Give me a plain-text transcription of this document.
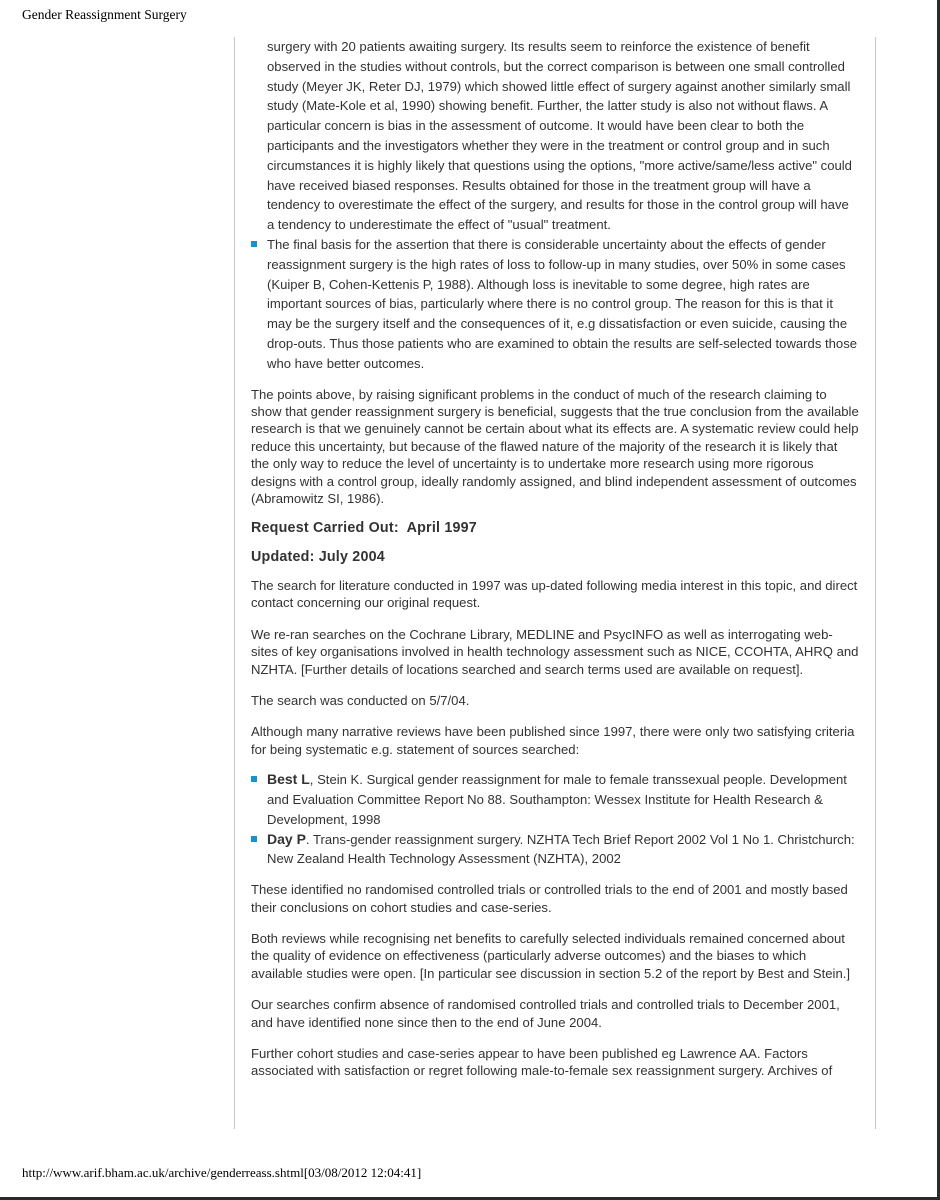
Gender Reassignment Surgery
surgery with 20 patients awaiting surgery. Its results seem to reinforce the existence of benefit observed in the studies without controls, but the correct comparison is between one small controlled study (Meyer JK, Reter DJ, 1979) which showed little effect of surgery against another similarly small study (Mate-Kole et al, 1990) showing benefit. Further, the latter study is also not without flaws. A particular concern is bias in the assessment of outcome. It would have been clear to both the participants and the investigators whether they were in the treatment or control group and in such circumstances it is highly likely that questions using the options, "more active/same/less active" could have received biased responses. Results obtained for those in the treatment group will have a tendency to overestimate the effect of the surgery, and results for those in the control group will have a tendency to underestimate the effect of "usual" treatment.
The final basis for the assertion that there is considerable uncertainty about the effects of gender reassignment surgery is the high rates of loss to follow-up in many studies, over 50% in some cases (Kuiper B, Cohen-Kettenis P, 1988). Although loss is inevitable to some degree, high rates are important sources of bias, particularly where there is no control group. The reason for this is that it may be the surgery itself and the consequences of it, e.g dissatisfaction or even suicide, causing the drop-outs. Thus those patients who are examined to obtain the results are self-selected towards those who have better outcomes.

The points above, by raising significant problems in the conduct of much of the research claiming to show that gender reassignment surgery is beneficial, suggests that the true conclusion from the available research is that we genuinely cannot be certain about what its effects are. A systematic review could help reduce this uncertainty, but because of the flawed nature of the majority of the research it is likely that the only way to reduce the level of uncertainty is to undertake more research using more rigorous designs with a control group, ideally randomly assigned, and blind independent assessment of outcomes (Abramowitz SI, 1986).

Request Carried Out:  April 1997

Updated: July 2004

The search for literature conducted in 1997 was up-dated following media interest in this topic, and direct contact concerning our original request.

We re-ran searches on the Cochrane Library, MEDLINE and PsycINFO as well as interrogating web-sites of key organisations involved in health technology assessment such as NICE, CCOHTA, AHRQ and NZHTA. [Further details of locations searched and search terms used are available on request].

The search was conducted on 5/7/04.

Although many narrative reviews have been published since 1997, there were only two satisfying criteria for being systematic e.g. statement of sources searched:

Best L, Stein K. Surgical gender reassignment for male to female transsexual people. Development and Evaluation Committee Report No 88. Southampton: Wessex Institute for Health Research & Development, 1998
Day P. Trans-gender reassignment surgery. NZHTA Tech Brief Report 2002 Vol 1 No 1. Christchurch: New Zealand Health Technology Assessment (NZHTA), 2002

These identified no randomised controlled trials or controlled trials to the end of 2001 and mostly based their conclusions on cohort studies and case-series.

Both reviews while recognising net benefits to carefully selected individuals remained concerned about the quality of evidence on effectiveness (particularly adverse outcomes) and the biases to which available studies were open. [In particular see discussion in section 5.2 of the report by Best and Stein.]

Our searches confirm absence of randomised controlled trials and controlled trials to December 2001, and have identified none since then to the end of June 2004.

Further cohort studies and case-series appear to have been published eg Lawrence AA. Factors associated with satisfaction or regret following male-to-female sex reassignment surgery. Archives of

http://www.arif.bham.ac.uk/archive/genderreass.shtml[03/08/2012 12:04:41]
